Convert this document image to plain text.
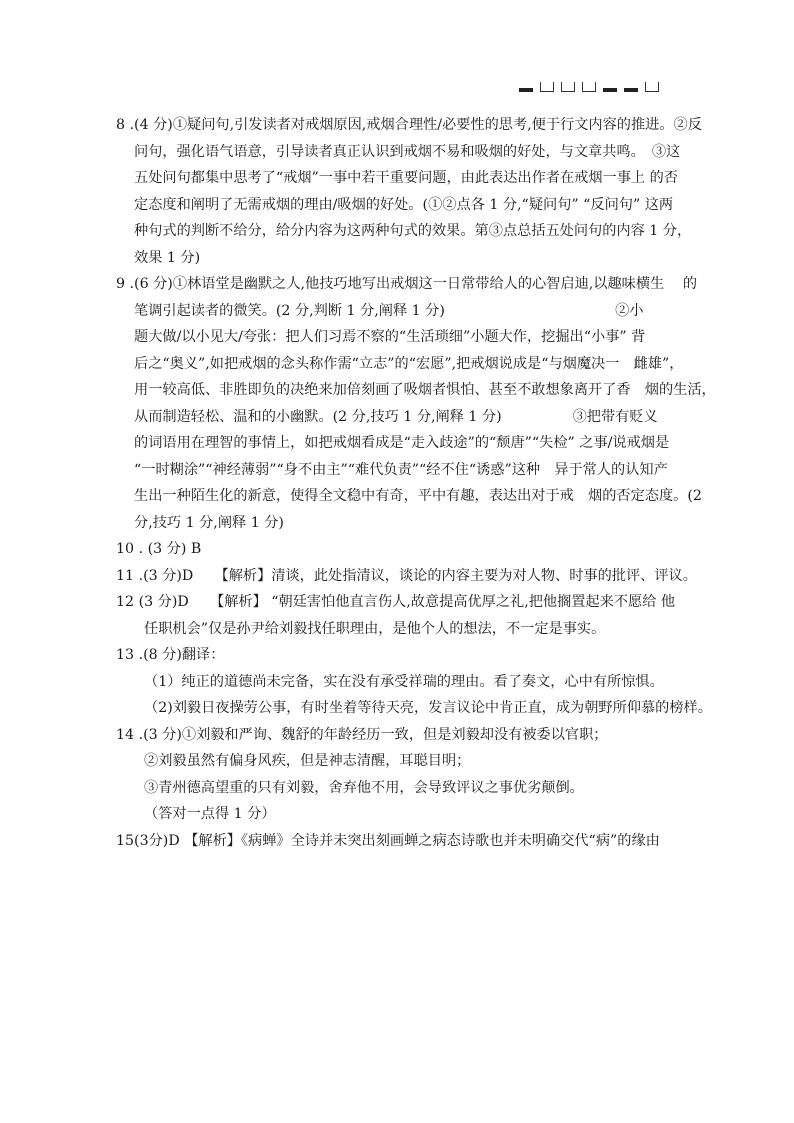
8 .(4 分)①疑问句,引发读者对戒烟原因,戒烟合理性/必要性的思考,便于行文内容的推进。②反
问句，强化语气语意，引导读者真正认识到戒烟不易和吸烟的好处，与文章共鸣。　③这
五处问句都集中思考了“戒烟”一事中若干重要问题，由此表达出作者在戒烟一事上 的否
定态度和阐明了无需戒烟的理由/吸烟的好处。(①②点各 1 分,“疑问句” “反问句” 这两
种句式的判断不给分，给分内容为这两种句式的效果。第③点总括五处问句的内容 1 分，
效果 1 分)
9 .(6 分)①林语堂是幽默之人,他技巧地写出戒烟这一日常带给人的心智启迪,以趣味横生　 的
笔调引起读者的微笑。(2 分,判断 1 分,阐释 1 分)　　　　　　　　　　　　②小
题大做/以小见大/夸张：把人们习焉不察的“生活琐细”小题大作，挖掘出“小事” 背
后之“奥义”,如把戒烟的念头称作需“立志”的“宏愿”,把戒烟说成是“与烟魔决一　雌雄”，
用一较高低、非胜即负的决绝来加倍刻画了吸烟者惧怕、甚至不敢想象离开了香　烟的生活，
从而制造轻松、温和的小幽默。(2 分,技巧 1 分,阐释 1 分)　　　　　③把带有贬义
的词语用在理智的事情上，如把戒烟看成是“走入歧途”的“颓唐”“失检” 之事/说戒烟是
“一时糊涂”“神经薄弱”“身不由主”“难代负责”“经不住“诱惑”这种　异于常人的认知产
生出一种陌生化的新意，使得全文稳中有奇，平中有趣，表达出对于戒　烟的否定态度。(2
分,技巧 1 分,阐释 1 分)
10 . (3 分) B
11 .(3 分)D　　【解析】清谈，此处指清议，谈论的内容主要为对人物、时事的批评、评议。
12 (3 分)D　　【解析】 “朝廷害怕他直言伤人,故意提高优厚之礼,把他搁置起来不愿给 他
任职机会”仅是孙尹给刘毅找任职理由，是他个人的想法，不一定是事实。
13 .(8 分)翻译：
（1）纯正的道德尚未完备，实在没有承受祥瑞的理由。看了奏文，心中有所惊惧。
（2)刘毅日夜操劳公事，有时坐着等待天亮，发言议论中肯正直，成为朝野所仰慕的榜样。
14 .(3 分)①刘毅和严询、魏舒的年龄经历一致，但是刘毅却没有被委以官职；
②刘毅虽然有偏身风疾，但是神志清醒，耳聪目明；
③青州德高望重的只有刘毅，舍弃他不用，会导致评议之事优劣颠倒。
（答对一点得 1 分）
15(3分)D 【解析】《病蝉》全诗并未突出刻画蝉之病态诗歌也并未明确交代“病”的缘由
